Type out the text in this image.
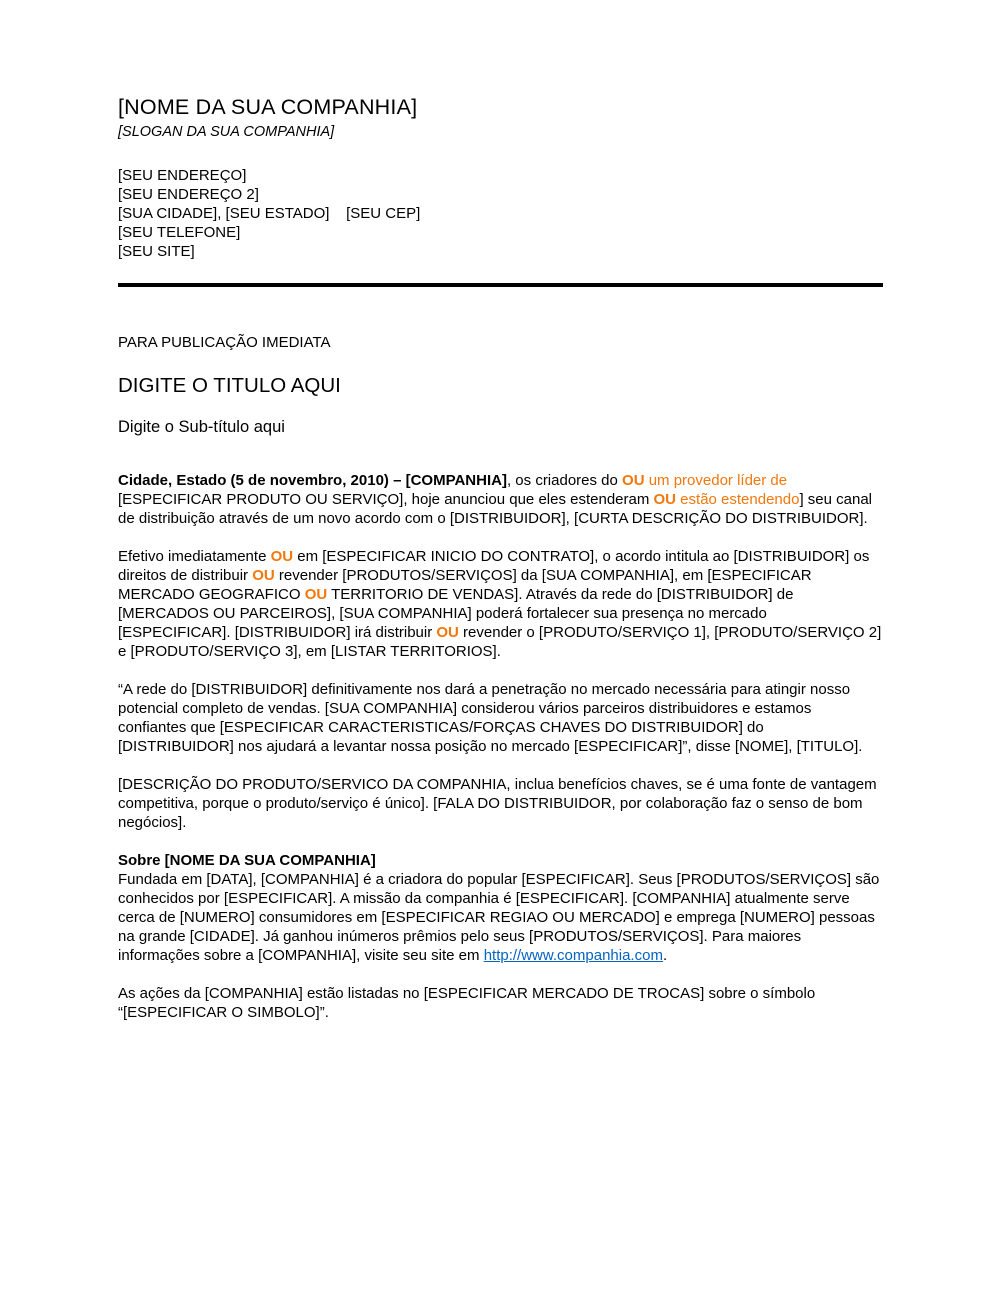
[NOME DA SUA COMPANHIA]
[SLOGAN DA SUA COMPANHIA]
[SEU ENDEREÇO]
[SEU ENDEREÇO 2]
[SUA CIDADE], [SEU ESTADO]    [SEU CEP]
[SEU TELEFONE]
[SEU SITE]
PARA PUBLICAÇÃO IMEDIATA
DIGITE O TITULO AQUI
Digite o Sub-título aqui

Cidade, Estado (5 de novembro, 2010) – [COMPANHIA], os criadores do OU um provedor líder de [ESPECIFICAR PRODUTO OU SERVIÇO], hoje anunciou que eles estenderam OU estão estendendo] seu canal de distribuição através de um novo acordo com o [DISTRIBUIDOR], [CURTA DESCRIÇÃO DO DISTRIBUIDOR].

Efetivo imediatamente OU em [ESPECIFICAR INICIO DO CONTRATO], o acordo intitula ao [DISTRIBUIDOR] os direitos de distribuir OU revender [PRODUTOS/SERVIÇOS] da [SUA COMPANHIA], em [ESPECIFICAR MERCADO GEOGRAFICO OU TERRITORIO DE VENDAS]. Através da rede do [DISTRIBUIDOR] de [MERCADOS OU PARCEIROS], [SUA COMPANHIA] poderá fortalecer sua presença no mercado [ESPECIFICAR]. [DISTRIBUIDOR] irá distribuir OU revender o [PRODUTO/SERVIÇO 1], [PRODUTO/SERVIÇO 2] e [PRODUTO/SERVIÇO 3], em [LISTAR TERRITORIOS].

“A rede do [DISTRIBUIDOR] definitivamente nos dará a penetração no mercado necessária para atingir nosso potencial completo de vendas. [SUA COMPANHIA] considerou vários parceiros distribuidores e estamos confiantes que [ESPECIFICAR CARACTERISTICAS/FORÇAS CHAVES DO DISTRIBUIDOR] do [DISTRIBUIDOR] nos ajudará a levantar nossa posição no mercado [ESPECIFICAR]”, disse [NOME], [TITULO].

[DESCRIÇÃO DO PRODUTO/SERVICO DA COMPANHIA, inclua benefícios chaves, se é uma fonte de vantagem competitiva, porque o produto/serviço é único]. [FALA DO DISTRIBUIDOR, por colaboração faz o senso de bom negócios].

Sobre [NOME DA SUA COMPANHIA]

Fundada em [DATA], [COMPANHIA] é a criadora do popular [ESPECIFICAR]. Seus [PRODUTOS/SERVIÇOS] são conhecidos por [ESPECIFICAR]. A missão da companhia é [ESPECIFICAR]. [COMPANHIA] atualmente serve cerca de [NUMERO] consumidores em [ESPECIFICAR REGIAO OU MERCADO] e emprega [NUMERO] pessoas na grande [CIDADE]. Já ganhou inúmeros prêmios pelo seus [PRODUTOS/SERVIÇOS]. Para maiores informações sobre a [COMPANHIA], visite seu site em http://www.companhia.com.

As ações da [COMPANHIA] estão listadas no [ESPECIFICAR MERCADO DE TROCAS] sobre o símbolo “[ESPECIFICAR O SIMBOLO]”.
